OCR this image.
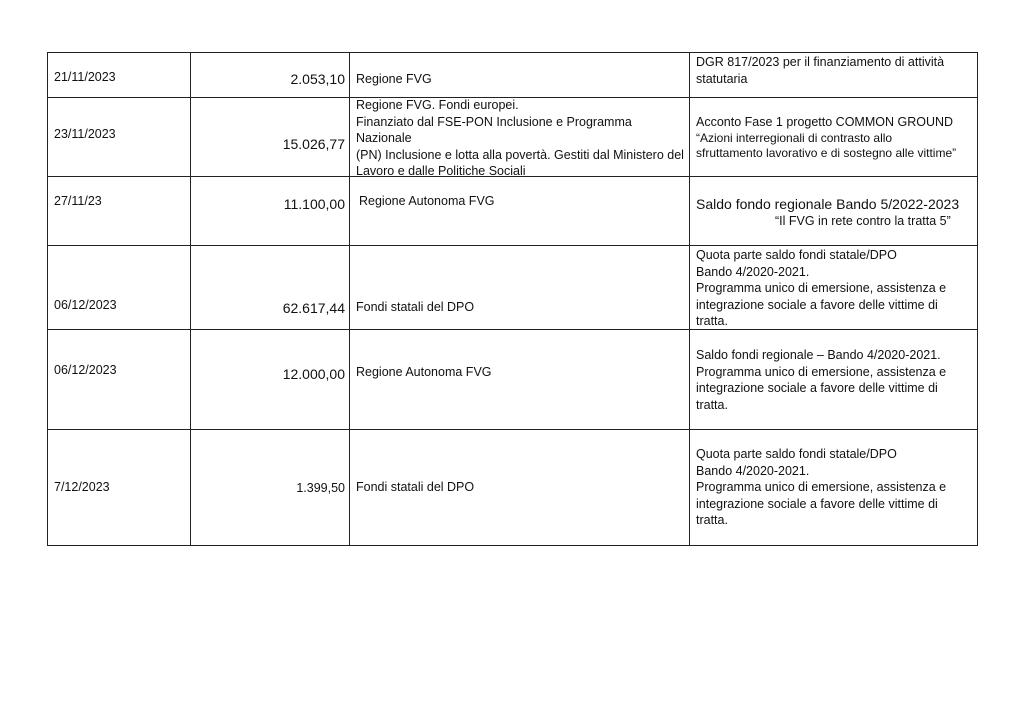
21/11/2023	2.053,10	Regione FVG	DGR 817/2023 per il finanziamento di attività
statutaria

23/11/2023	15.026,77	Regione FVG. Fondi europei.
Finanziato dal FSE-PON Inclusione e Programma Nazionale
(PN) Inclusione e lotta alla povertà. Gestiti dal Ministero del
Lavoro e dalle Politiche Sociali	Acconto Fase 1 progetto COMMON GROUND
“Azioni interregionali di contrasto allo
sfruttamento lavorativo e di sostegno alle vittime”

27/11/23	11.100,00	Regione Autonoma FVG	Saldo fondo regionale Bando 5/2022-2023
“Il FVG in rete contro la tratta 5”

06/12/2023	62.617,44	Fondi statali del DPO	Quota parte saldo fondi statale/DPO
Bando 4/2020-2021.
Programma unico di emersione, assistenza e
integrazione sociale a favore delle vittime di
tratta.

06/12/2023	12.000,00	Regione Autonoma FVG	Saldo fondi regionale – Bando 4/2020-2021.
Programma unico di emersione, assistenza e
integrazione sociale a favore delle vittime di
tratta.

7/12/2023	1.399,50	Fondi statali del DPO	Quota parte saldo fondi statale/DPO
Bando 4/2020-2021.
Programma unico di emersione, assistenza e
integrazione sociale a favore delle vittime di
tratta.
